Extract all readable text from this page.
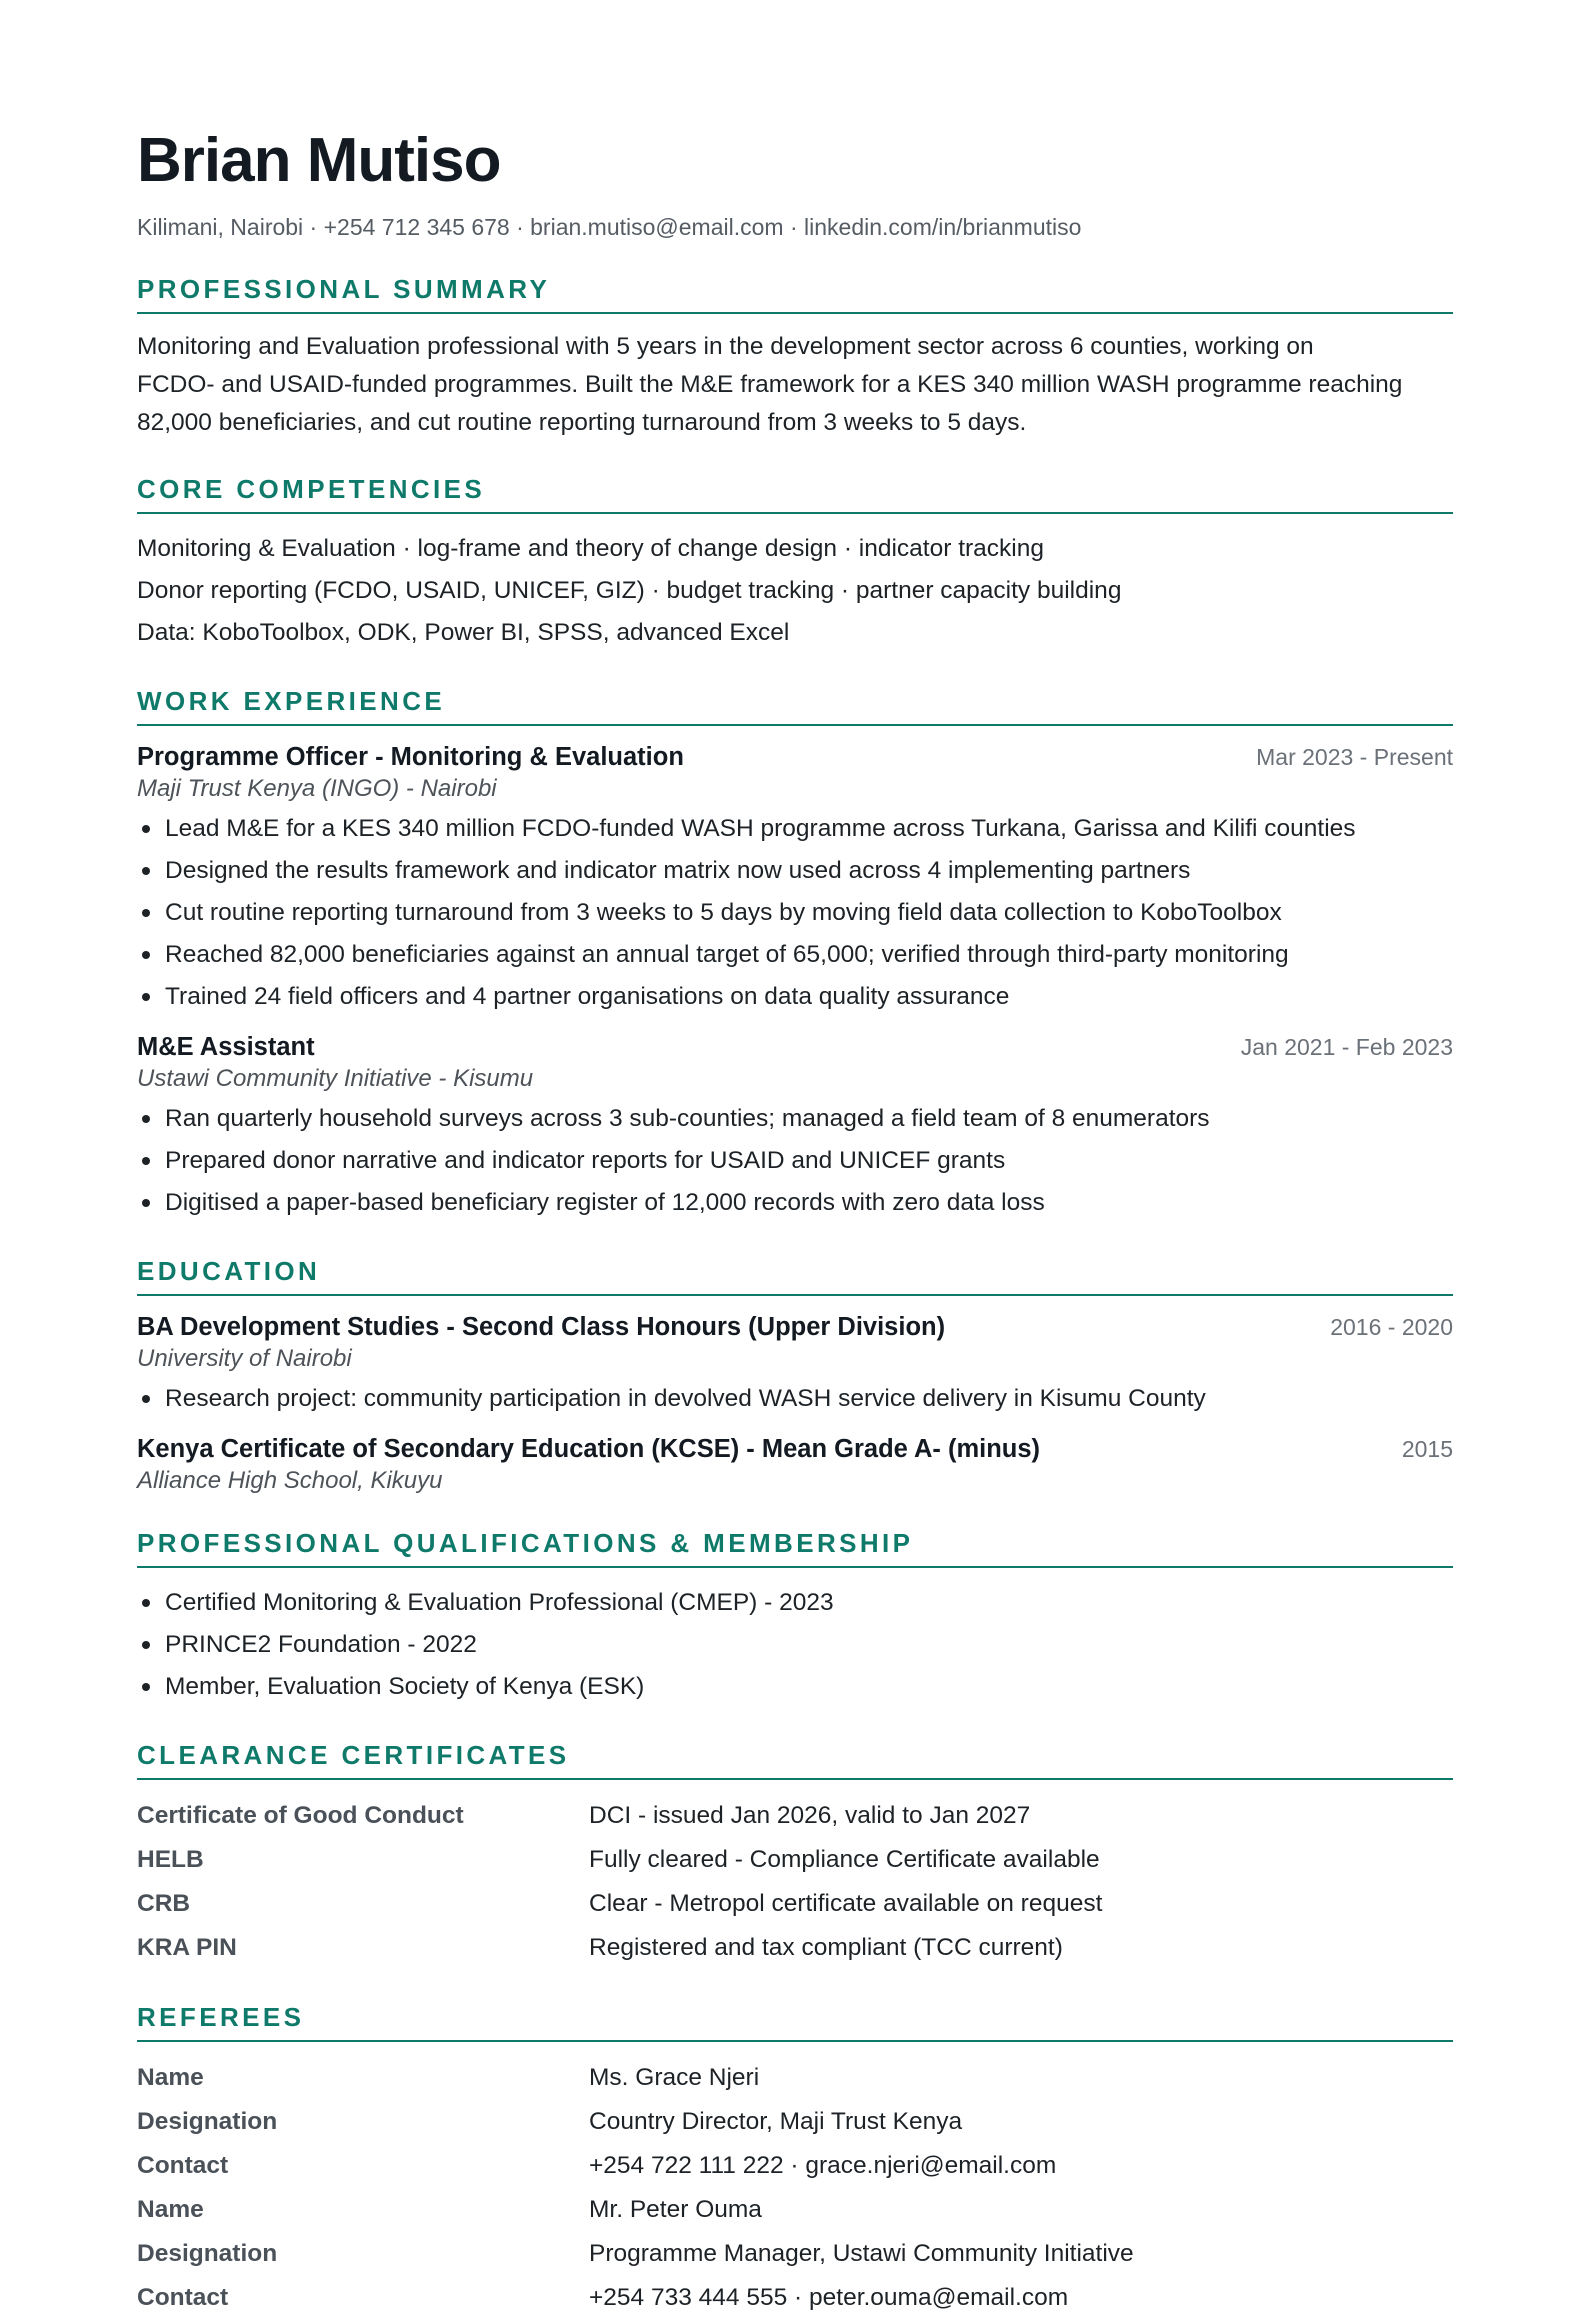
Brian Mutiso
Kilimani, Nairobi · +254 712 345 678 · brian.mutiso@email.com · linkedin.com/in/brianmutiso
PROFESSIONAL SUMMARY
Monitoring and Evaluation professional with 5 years in the development sector across 6 counties, working on
FCDO- and USAID-funded programmes. Built the M&E framework for a KES 340 million WASH programme reaching
82,000 beneficiaries, and cut routine reporting turnaround from 3 weeks to 5 days.
CORE COMPETENCIES
Monitoring & Evaluation · log-frame and theory of change design · indicator tracking
Donor reporting (FCDO, USAID, UNICEF, GIZ) · budget tracking · partner capacity building
Data: KoboToolbox, ODK, Power BI, SPSS, advanced Excel
WORK EXPERIENCE
Programme Officer - Monitoring & Evaluation	Mar 2023 - Present
Maji Trust Kenya (INGO) - Nairobi
Lead M&E for a KES 340 million FCDO-funded WASH programme across Turkana, Garissa and Kilifi counties
Designed the results framework and indicator matrix now used across 4 implementing partners
Cut routine reporting turnaround from 3 weeks to 5 days by moving field data collection to KoboToolbox
Reached 82,000 beneficiaries against an annual target of 65,000; verified through third-party monitoring
Trained 24 field officers and 4 partner organisations on data quality assurance
M&E Assistant	Jan 2021 - Feb 2023
Ustawi Community Initiative - Kisumu
Ran quarterly household surveys across 3 sub-counties; managed a field team of 8 enumerators
Prepared donor narrative and indicator reports for USAID and UNICEF grants
Digitised a paper-based beneficiary register of 12,000 records with zero data loss
EDUCATION
BA Development Studies - Second Class Honours (Upper Division)	2016 - 2020
University of Nairobi
Research project: community participation in devolved WASH service delivery in Kisumu County
Kenya Certificate of Secondary Education (KCSE) - Mean Grade A- (minus)	2015
Alliance High School, Kikuyu
PROFESSIONAL QUALIFICATIONS & MEMBERSHIP
Certified Monitoring & Evaluation Professional (CMEP) - 2023
PRINCE2 Foundation - 2022
Member, Evaluation Society of Kenya (ESK)
CLEARANCE CERTIFICATES
Certificate of Good Conduct	DCI - issued Jan 2026, valid to Jan 2027
HELB	Fully cleared - Compliance Certificate available
CRB	Clear - Metropol certificate available on request
KRA PIN	Registered and tax compliant (TCC current)
REFEREES
Name	Ms. Grace Njeri
Designation	Country Director, Maji Trust Kenya
Contact	+254 722 111 222 · grace.njeri@email.com
Name	Mr. Peter Ouma
Designation	Programme Manager, Ustawi Community Initiative
Contact	+254 733 444 555 · peter.ouma@email.com
